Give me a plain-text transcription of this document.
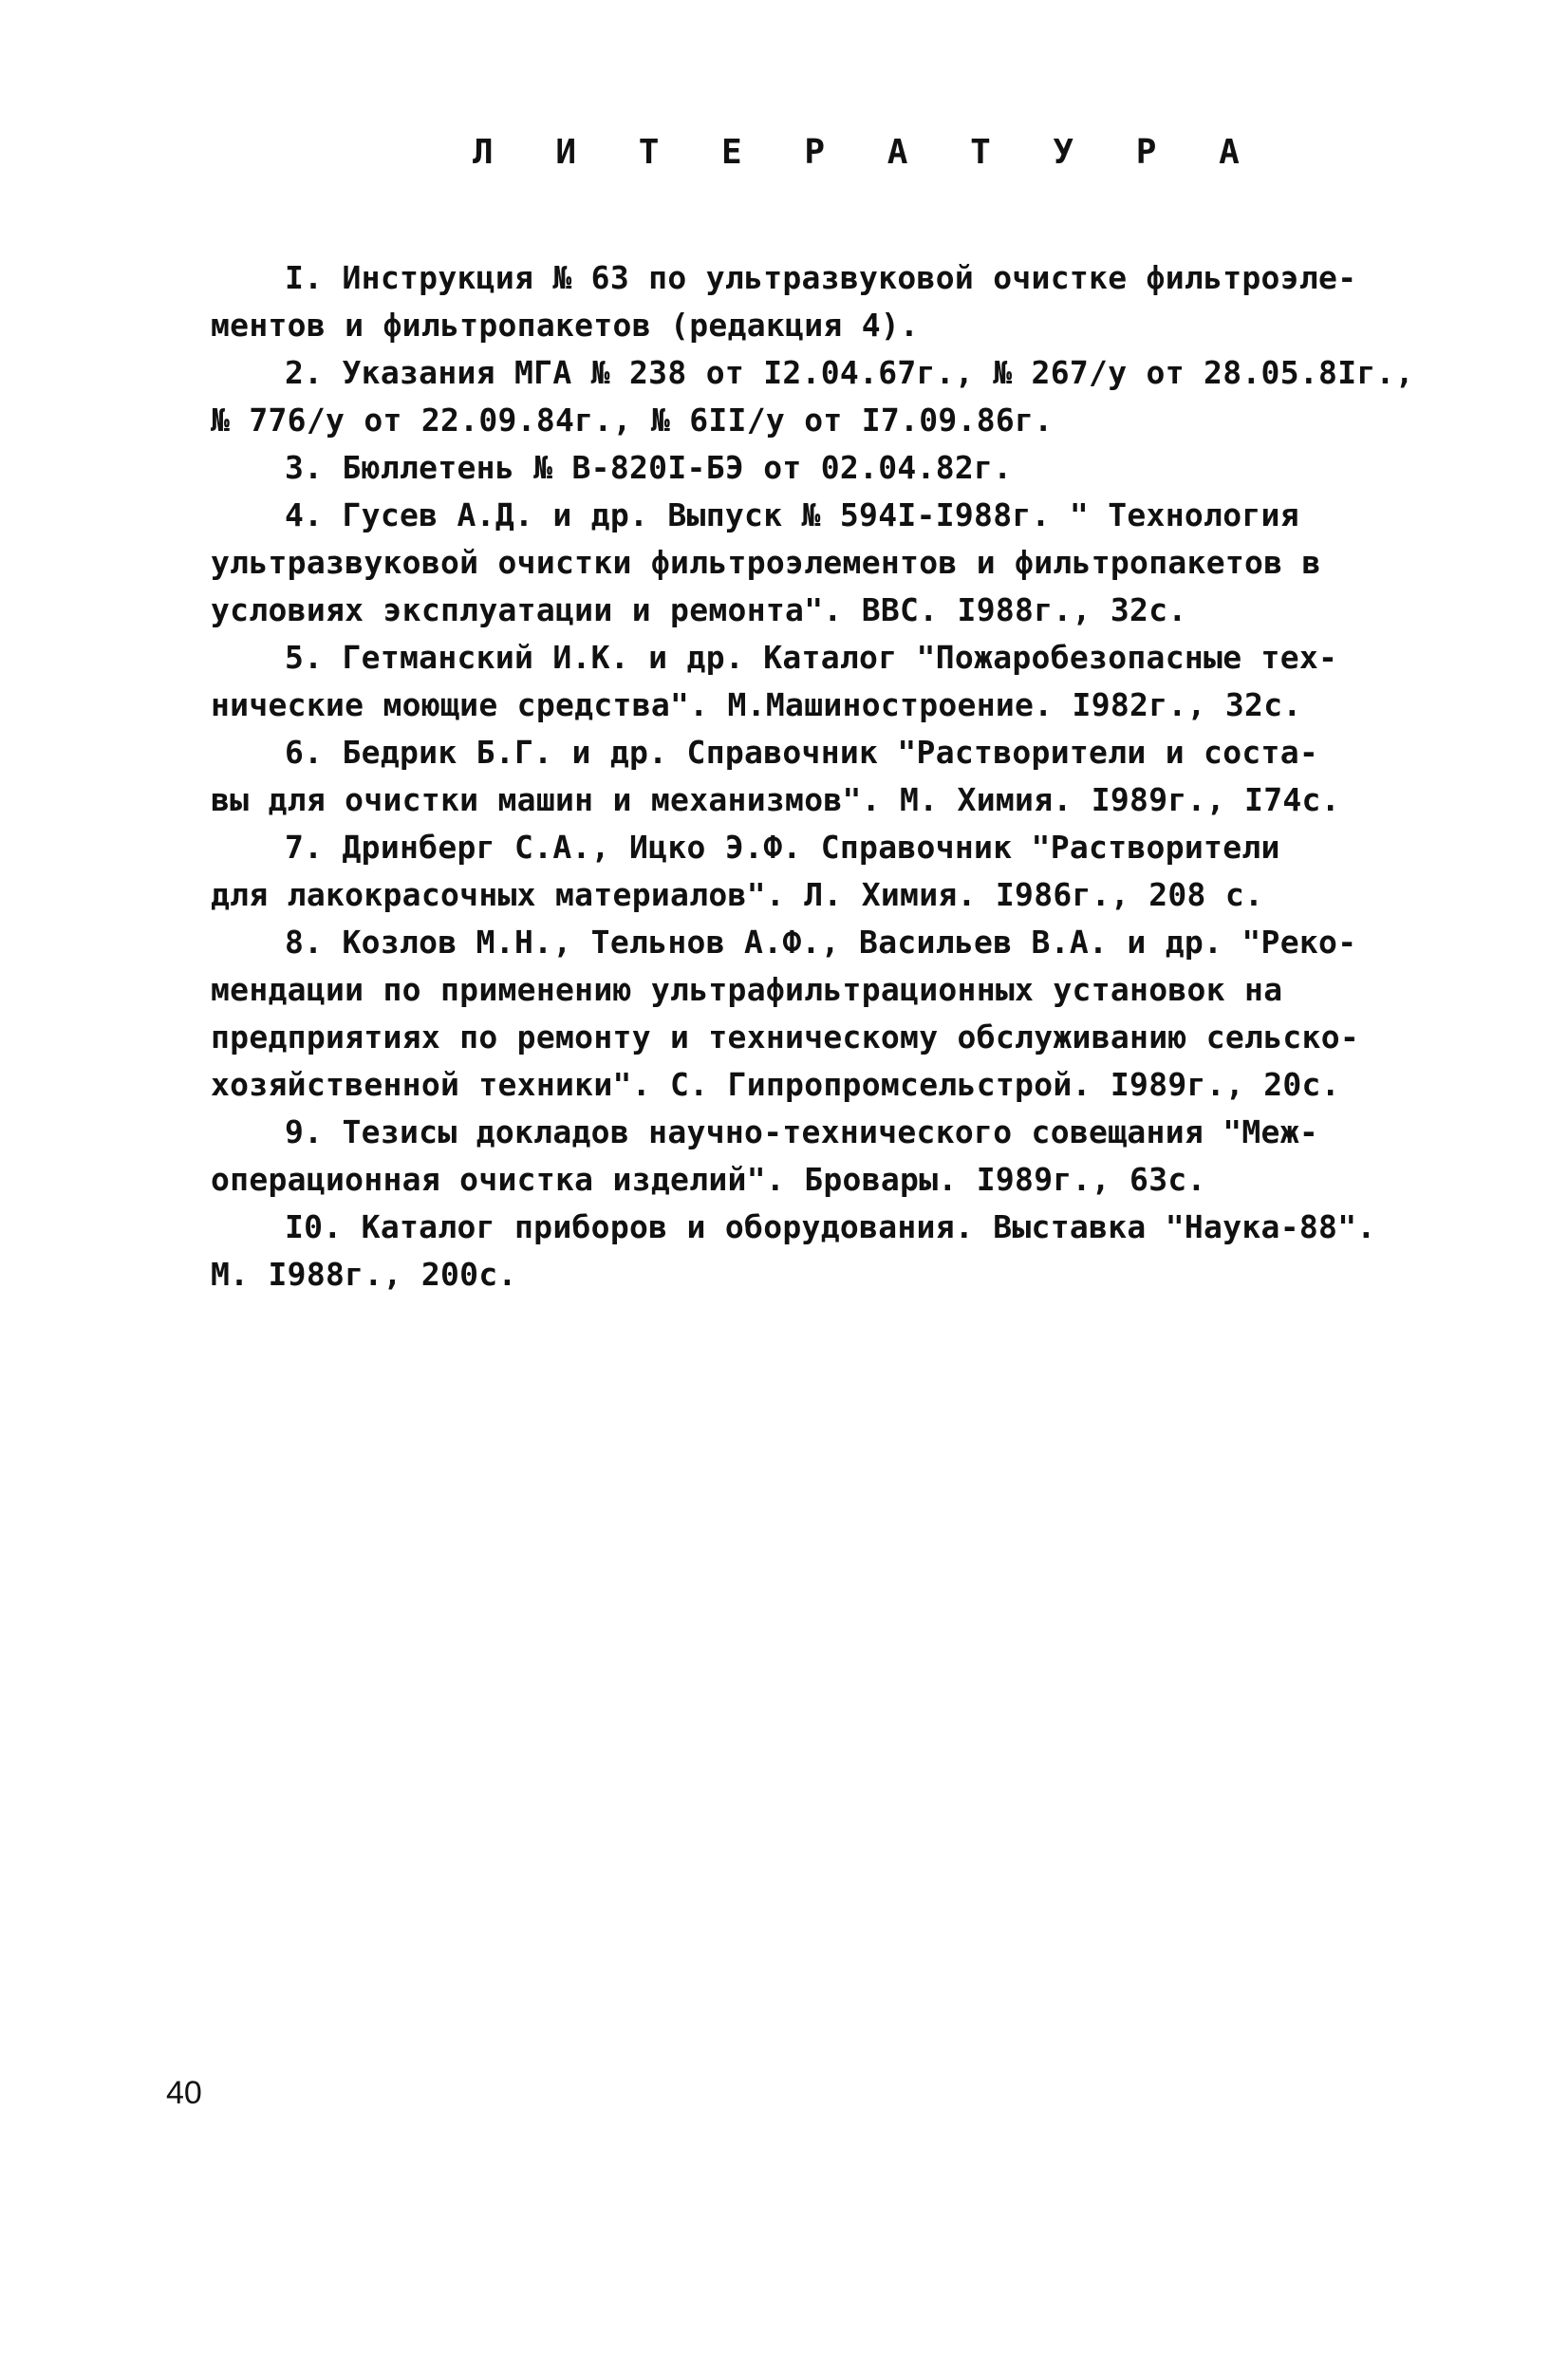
Л И Т Е Р А Т У Р А
I. Инструкция № 63 по ультразвуковой очистке фильтроэле-
ментов и фильтропакетов (редакция 4).
2. Указания МГА № 238 от I2.04.67г., № 267/у от 28.05.8Iг.,
№ 776/у от 22.09.84г., № 6II/у от I7.09.86г.
3. Бюллетень № В-820I-БЭ от 02.04.82г.
4. Гусев А.Д. и др. Выпуск № 594I-I988г. " Технология
ультразвуковой очистки фильтроэлементов и фильтропакетов в
условиях эксплуатации и ремонта". ВВС. I988г., 32с.
5. Гетманский И.К. и др. Каталог "Пожаробезопасные тех-
нические моющие средства". М.Машиностроение. I982г., 32с.
6. Бедрик Б.Г. и др. Справочник "Растворители и соста-
вы для очистки машин и механизмов". М. Химия. I989г., I74с.
7. Дринберг С.А., Ицко Э.Ф. Справочник "Растворители
для лакокрасочных материалов". Л. Химия. I986г., 208 с.
8. Козлов М.Н., Тельнов А.Ф., Васильев В.А. и др. "Реко-
мендации по применению ультрафильтрационных установок на
предприятиях по ремонту и техническому обслуживанию сельско-
хозяйственной техники". С. Гипропромсельстрой. I989г., 20с.
9. Тезисы докладов научно-технического совещания "Меж-
операционная очистка изделий". Бровары. I989г., 63с.
I0. Каталог приборов и оборудования. Выставка "Наука-88".
М. I988г., 200с.
40
